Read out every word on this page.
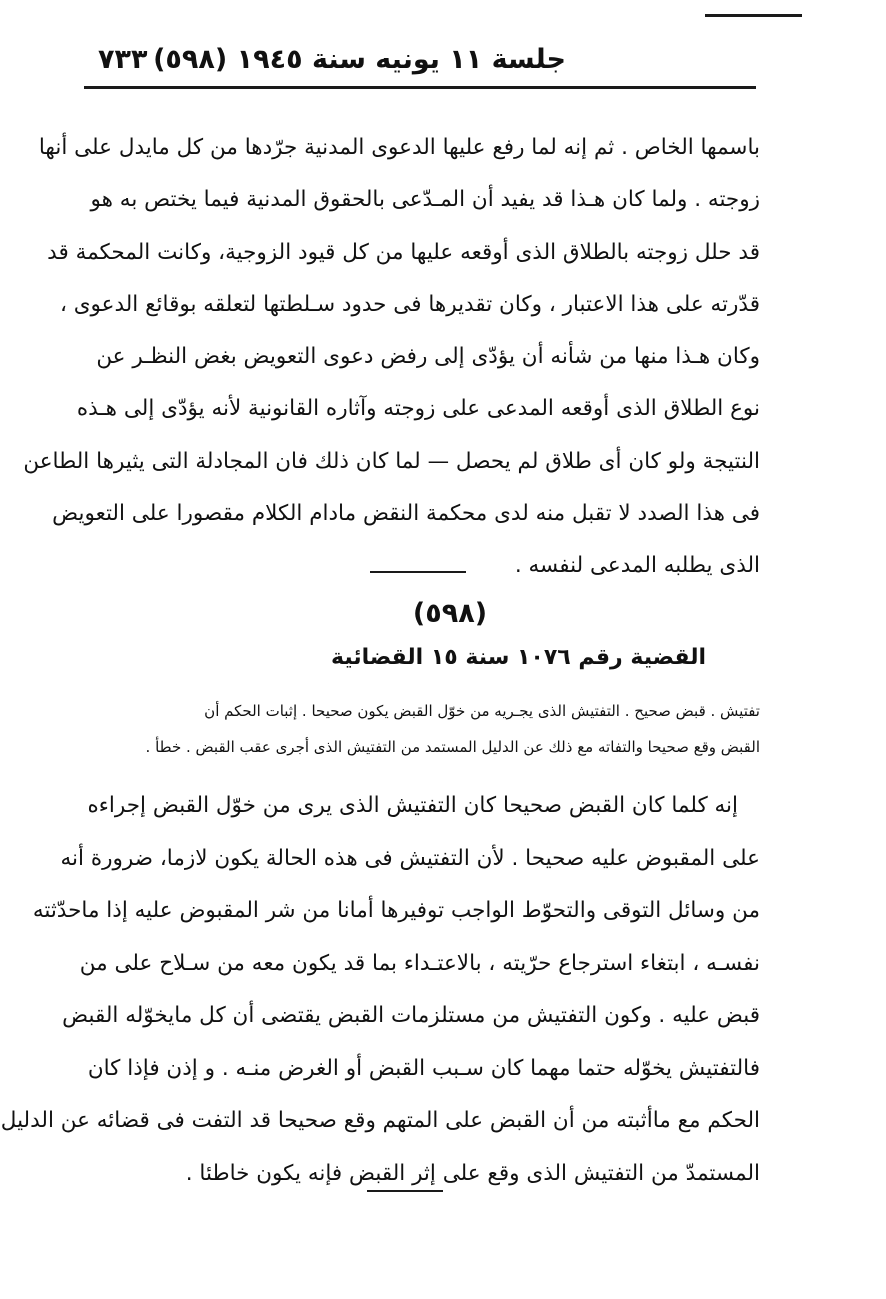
جلسة ١١ يونيه سنة ١٩٤٥ (٥٩٨)
٧٣٣
باسمها الخاص . ثم إنه لما رفع عليها الدعوى المدنية جرّدها من كل مايدل على أنها
زوجته . ولما كان هـذا قد يفيد أن المـدّعى بالحقوق المدنية فيما يختص به هو
قد حلل زوجته بالطلاق الذى أوقعه عليها من كل قيود الزوجية، وكانت المحكمة قد
قدّرته على هذا الاعتبار ، وكان تقديرها فى حدود سـلطتها لتعلقه بوقائع الدعوى ،
وكان هـذا منها من شأنه أن يؤدّى إلى رفض دعوى التعويض بغض النظـر عن
نوع الطلاق الذى أوقعه المدعى على زوجته وآثاره القانونية لأنه يؤدّى إلى هـذه
النتيجة ولو كان أى طلاق لم يحصل — لما كان ذلك فان المجادلة التى يثيرها الطاعن
فى هذا الصدد لا تقبل منه لدى محكمة النقض مادام الكلام مقصورا على التعويض
الذى يطلبه المدعى لنفسه .
(٥٩٨)
القضية رقم ١٠٧٦ سنة ١٥ القضائية
تفتيش . قبض صحيح . التفتيش الذى يجـريه من خوّل القبض يكون صحيحا . إثبات الحكم أن
القبض وقع صحيحا والتفاته مع ذلك عن الدليل المستمد من التفتيش الذى أجرى عقب القبض . خطأ .
إنه كلما كان القبض صحيحا كان التفتيش الذى يرى من خوّل القبض إجراءه
على المقبوض عليه صحيحا . لأن التفتيش فى هذه الحالة يكون لازما، ضرورة أنه
من وسائل التوقى والتحوّط الواجب توفيرها أمانا من شر المقبوض عليه إذا ماحدّثته
نفسـه ، ابتغاء استرجاع حرّيته ، بالاعتـداء بما قد يكون معه من سـلاح على من
قبض عليه . وكون التفتيش من مستلزمات القبض يقتضى أن كل مايخوّله القبض
فالتفتيش يخوّله حتما مهما كان سـبب القبض أو الغرض منـه . و إذن فإذا كان
الحكم مع ماأثبته من أن القبض على المتهم وقع صحيحا قد التفت فى قضائه عن الدليل
المستمدّ من التفتيش الذى وقع على إثر القبض فإنه يكون خاطئا .
